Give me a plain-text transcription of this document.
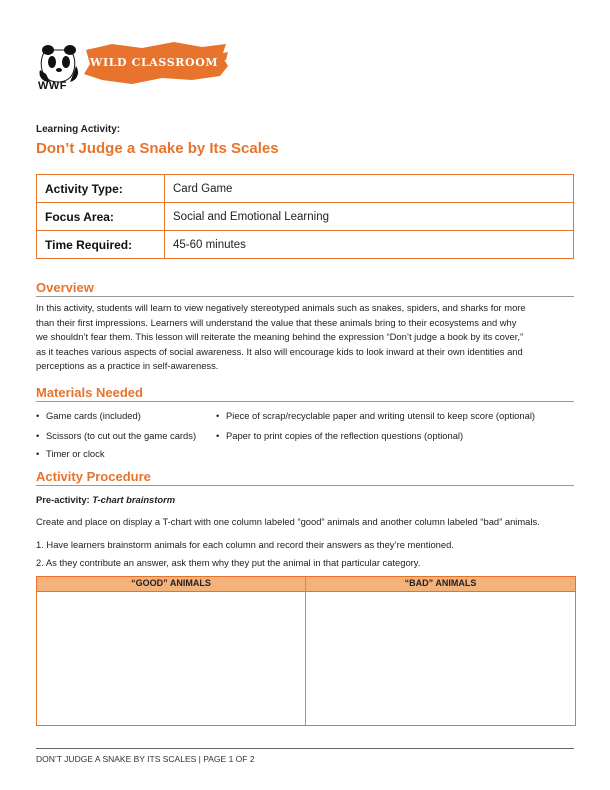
WWF
WILD CLASSROOM
Learning Activity:
Don’t Judge a Snake by Its Scales
Activity Type:	Card Game
Focus Area:	Social and Emotional Learning
Time Required:	45-60 minutes
Overview
In this activity, students will learn to view negatively stereotyped animals such as snakes, spiders, and sharks for more
than their first impressions. Learners will understand the value that these animals bring to their ecosystems and why
we shouldn’t fear them. This lesson will reiterate the meaning behind the expression “Don’t judge a book by its cover,”
as it teaches various aspects of social awareness. It also will encourage kids to look inward at their own identities and
perceptions as a practice in self-awareness.
Materials Needed
• Game cards (included)
• Scissors (to cut out the game cards)
• Timer or clock
• Piece of scrap/recyclable paper and writing utensil to keep score (optional)
• Paper to print copies of the reflection questions (optional)
Activity Procedure
Pre-activity: T-chart brainstorm
Create and place on display a T-chart with one column labeled “good” animals and another column labeled “bad” animals.
1. Have learners brainstorm animals for each column and record their answers as they’re mentioned.
2. As they contribute an answer, ask them why they put the animal in that particular category.
“GOOD” ANIMALS	“BAD” ANIMALS
DON’T JUDGE A SNAKE BY ITS SCALES | PAGE 1 OF 2
